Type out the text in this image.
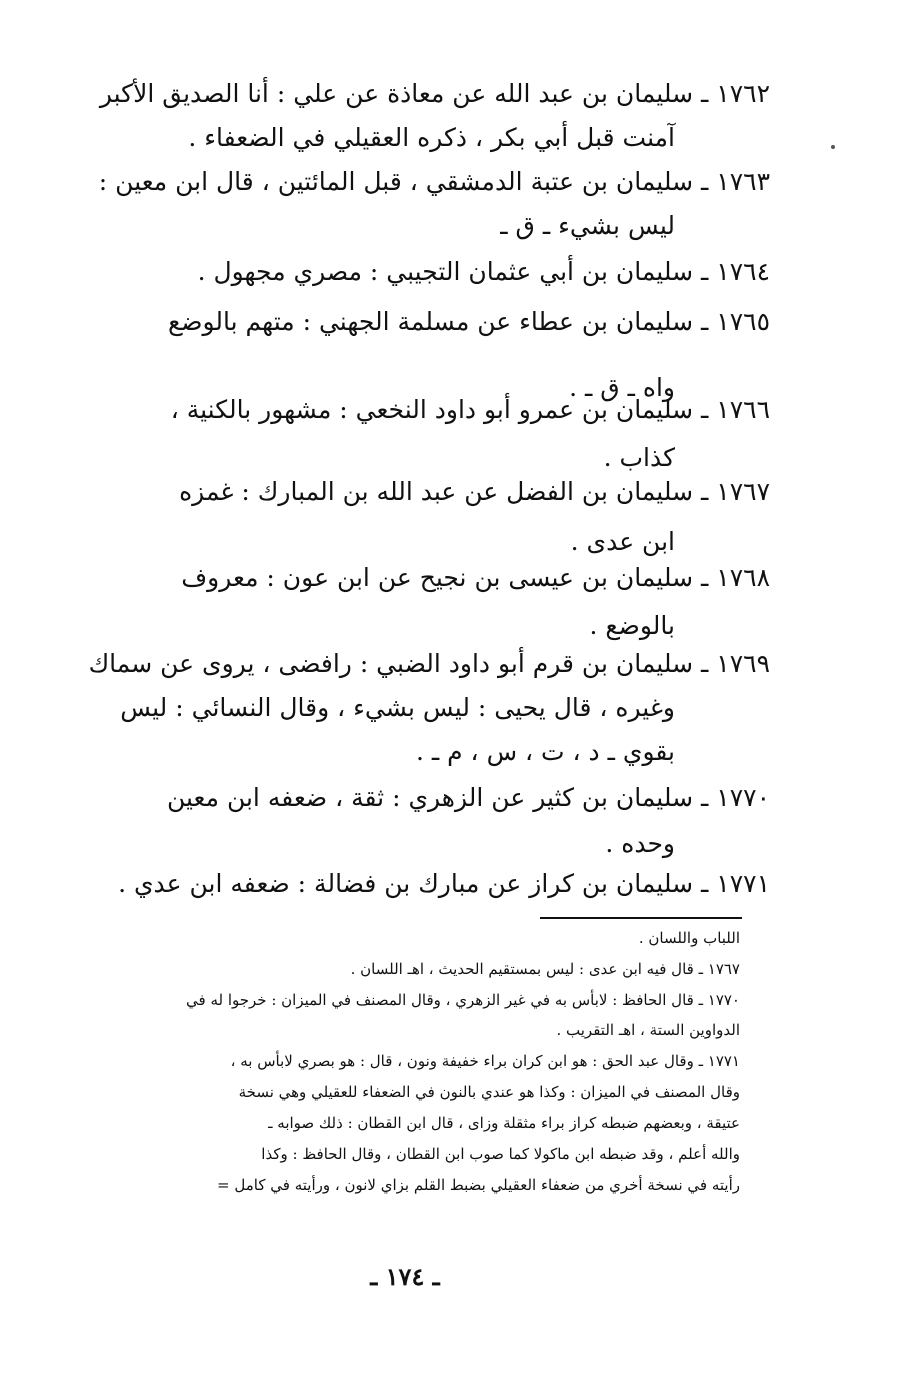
١٧٦٢ ـ سليمان بن عبد الله عن معاذة عن علي : أنا الصديق الأكبر
آمنت قبل أبي بكر ، ذكره العقيلي في الضعفاء .
١٧٦٣ ـ سليمان بن عتبة الدمشقي ، قبل المائتين ، قال ابن معين :
ليس بشيء ـ ق ـ
١٧٦٤ ـ سليمان بن أبي عثمان التجيبي : مصري مجهول .
١٧٦٥ ـ سليمان بن عطاء عن مسلمة الجهني : متهم بالوضع
واه ـ ق ـ .
١٧٦٦ ـ سليمان بن عمرو أبو داود النخعي : مشهور بالكنية ،
كذاب .
١٧٦٧ ـ سليمان بن الفضل عن عبد الله بن المبارك : غمزه
ابن عدى .
١٧٦٨ ـ سليمان بن عيسى بن نجيح عن ابن عون : معروف
بالوضع .
١٧٦٩ ـ سليمان بن قرم أبو داود الضبي : رافضى ، يروى عن سماك
وغيره ، قال يحيى : ليس بشيء ، وقال النسائي : ليس
بقوي ـ د ، ت ، س ، م ـ .
١٧٧٠ ـ سليمان بن كثير عن الزهري : ثقة ، ضعفه ابن معين
وحده .
١٧٧١ ـ سليمان بن كراز عن مبارك بن فضالة : ضعفه ابن عدي .
اللباب واللسان .
١٧٦٧ ـ قال فيه ابن عدى : ليس بمستقيم الحديث ، اهـ اللسان .
١٧٧٠ ـ قال الحافظ : لابأس به في غير الزهري ، وقال المصنف في الميزان : خرجوا له في
الدواوين الستة ، اهـ التقريب .
١٧٧١ ـ وقال عبد الحق : هو ابن كران براء خفيفة ونون ، قال : هو بصري لابأس به ،
وقال المصنف في الميزان : وكذا هو عندي بالنون في الضعفاء للعقيلي وهي نسخة
عتيقة ، وبعضهم ضبطه كراز براء مثقلة وزاى ، قال ابن القطان : ذلك صوابه ـ
والله أعلم ، وقد ضبطه ابن ماكولا كما صوب ابن القطان ، وقال الحافظ : وكذا
رأيته في نسخة أخري من ضعفاء العقيلي بضبط القلم بزاي لانون ، ورأيته في كامل =
ـ ١٧٤ ـ
